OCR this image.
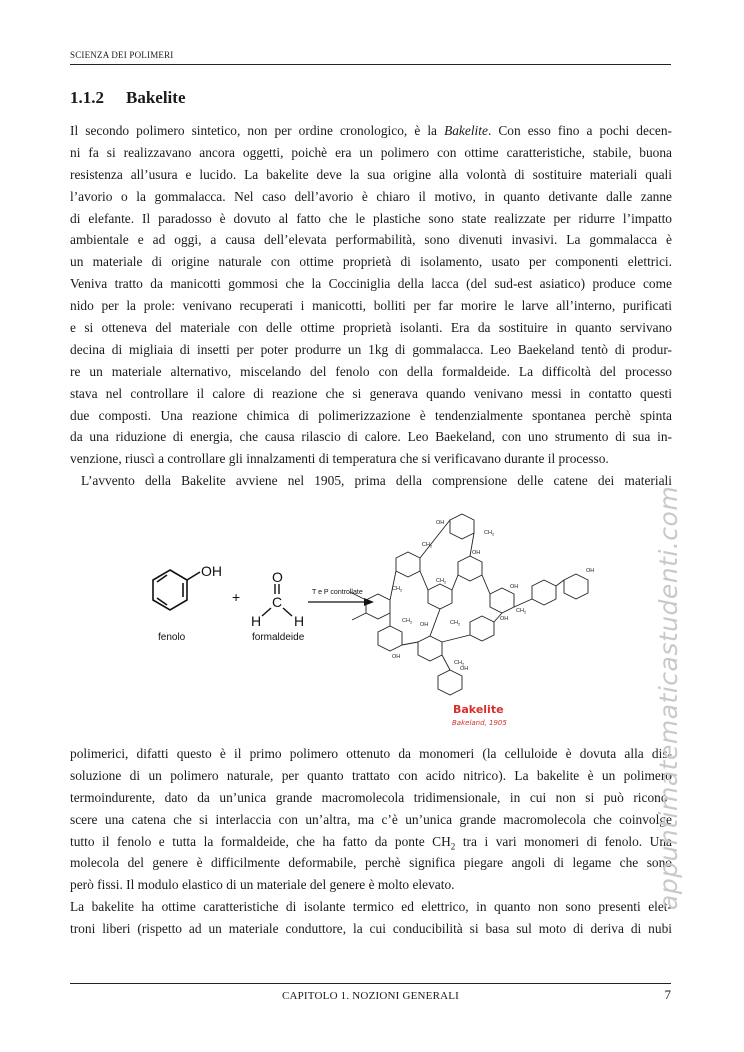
SCIENZA DEI POLIMERI
1.1.2 Bakelite
Il secondo polimero sintetico, non per ordine cronologico, è la Bakelite. Con esso fino a pochi decen-
ni fa si realizzavano ancora oggetti, poichè era un polimero con ottime caratteristiche, stabile, buona
resistenza all’usura e lucido. La bakelite deve la sua origine alla volontà di sostituire materiali quali
l’avorio o la gommalacca. Nel caso dell’avorio è chiaro il motivo, in quanto detivante dalle zanne
di elefante. Il paradosso è dovuto al fatto che le plastiche sono state realizzate per ridurre l’impatto
ambientale e ad oggi, a causa dell’elevata performabilità, sono divenuti invasivi. La gommalacca è
un materiale di origine naturale con ottime proprietà di isolamento, usato per componenti elettrici.
Veniva tratto da manicotti gommosi che la Cocciniglia della lacca (del sud-est asiatico) produce come
nido per la prole: venivano recuperati i manicotti, bolliti per far morire le larve all’interno, purificati
e si otteneva del materiale con delle ottime proprietà isolanti. Era da sostituire in quanto servivano
decina di migliaia di insetti per poter produrre un 1kg di gommalacca. Leo Baekeland tentò di produr-
re un materiale alternativo, miscelando del fenolo con della formaldeide. La difficoltà del processo
stava nel controllare il calore di reazione che si generava quando venivano messi in contatto questi
due composti. Una reazione chimica di polimerizzazione è tendenzialmente spontanea perchè spinta
da una riduzione di energia, che causa rilascio di calore. Leo Baekeland, con uno strumento di sua in-
venzione, riuscì a controllare gli innalzamenti di temperatura che si verificavano durante il processo.
L’avvento della Bakelite avviene nel 1905, prima della comprensione delle catene dei materiali
OH
fenolo
+
O
C
H H
formaldeide
T e P controllate
OH
OH
OH
OH
OH
OH
OH
OH
$CH_2$
$CH_2$
$CH_2$
$CH_2$
$CH_2$
$CH_2$
$CH_2$
$CH_2$
Bakelite
Bakeland, 1905
polimerici, difatti questo è il primo polimero ottenuto da monomeri (la celluloide è dovuta alla dis-
soluzione di un polimero naturale, per quanto trattato con acido nitrico). La bakelite è un polimero
termoindurente, dato da un’unica grande macromolecola tridimensionale, in cui non si può ricono-
scere una catena che si interlaccia con un’altra, ma c’è un’unica grande macromolecola che coinvolge
tutto il fenolo e tutta la formaldeide, che ha fatto da ponte $CH_2$ tra i vari monomeri di fenolo. Una
molecola del genere è difficilmente deformabile, perchè significa piegare angoli di legame che sono
però fissi. Il modulo elastico di un materiale del genere è molto elevato.
La bakelite ha ottime caratteristiche di isolante termico ed elettrico, in quanto non sono presenti elet-
troni liberi (rispetto ad un materiale conduttore, la cui conducibilità si basa sul moto di deriva di nubi
appuntimatematicastudenti.com
CAPITOLO 1. NOZIONI GENERALI	7
